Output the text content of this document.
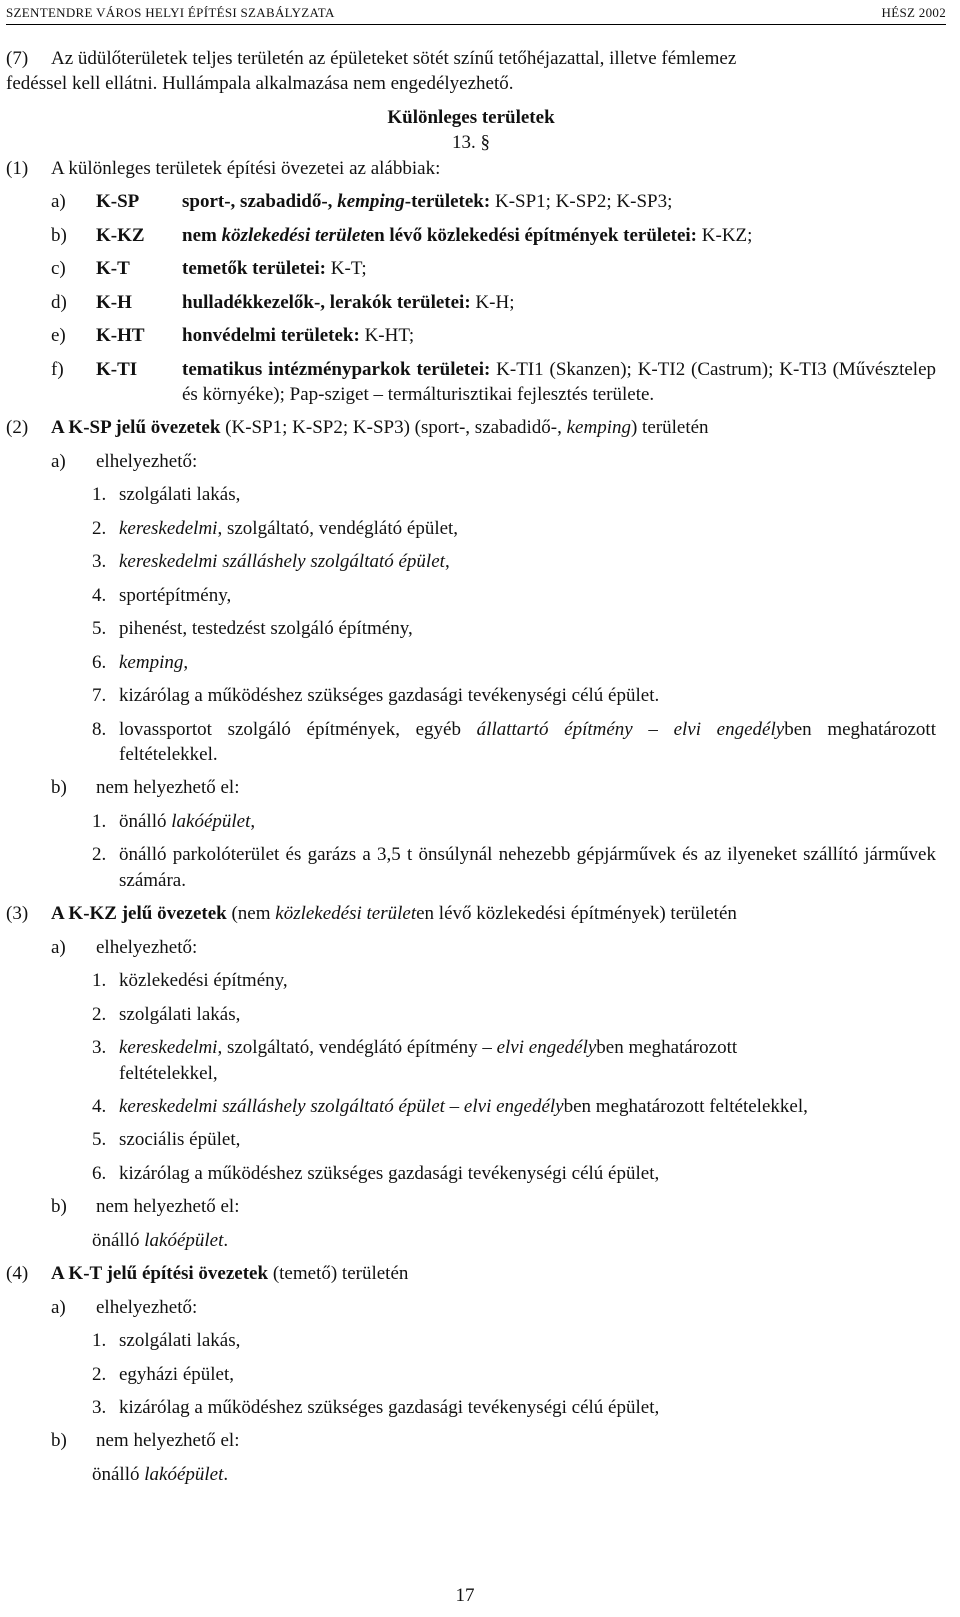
SZENTENDRE VÁROS HELYI ÉPÍTÉSI SZABÁLYZATA	HÉSZ 2002
(7)	Az üdülőterületek teljes területén az épületeket sötét színű tetőhéjazattal, illetve fémlemez

fedéssel kell ellátni. Hullámpala alkalmazása nem engedélyezhető.

Különleges területek

13. §

(1)	A különleges területek építési övezetei az alábbiak:
a)	K-SP	sport-, szabadidő-, kemping-területek: K-SP1; K-SP2; K-SP3;
b)	K-KZ	nem közlekedési területen lévő közlekedési építmények területei: K-KZ;
c)	K-T	temetők területei: K-T;
d)	K-H	hulladékkezelők-, lerakók területei: K-H;
e)	K-HT	honvédelmi területek: K-HT;
f)	K-TI	tematikus intézményparkok területei: K-TI1 (Skanzen); K-TI2 (Castrum); K-TI3 (Művésztelep és környéke); Pap-sziget – termálturisztikai fejlesztés területe.
(2)	A K-SP jelű övezetek (K-SP1; K-SP2; K-SP3) (sport-, szabadidő-, kemping) területén
a)	elhelyezhető:
1. szolgálati lakás,
2. kereskedelmi, szolgáltató, vendéglátó épület,
3. kereskedelmi szálláshely szolgáltató épület,
4. sportépítmény,
5. pihenést, testedzést szolgáló építmény,
6. kemping,
7. kizárólag a működéshez szükséges gazdasági tevékenységi célú épület.
8. lovassportot szolgáló építmények, egyéb állattartó építmény – elvi engedélyben meghatározott feltételekkel.
b)	nem helyezhető el:
1. önálló lakóépület,
2. önálló parkolóterület és garázs a 3,5 t önsúlynál nehezebb gépjárművek és az ilyeneket szállító járművek számára.
(3)	A K-KZ jelű övezetek (nem közlekedési területen lévő közlekedési építmények) területén
a)	elhelyezhető:
1. közlekedési építmény,
2. szolgálati lakás,
3. kereskedelmi, szolgáltató, vendéglátó építmény – elvi engedélyben meghatározott feltételekkel,
4. kereskedelmi szálláshely szolgáltató épület – elvi engedélyben meghatározott feltételekkel,
5. szociális épület,
6. kizárólag a működéshez szükséges gazdasági tevékenységi célú épület,
b)	nem helyezhető el:
önálló lakóépület.
(4)	A K-T jelű építési övezetek (temető) területén
a)	elhelyezhető:
1. szolgálati lakás,
2. egyházi épület,
3. kizárólag a működéshez szükséges gazdasági tevékenységi célú épület,
b)	nem helyezhető el:
önálló lakóépület.
17
